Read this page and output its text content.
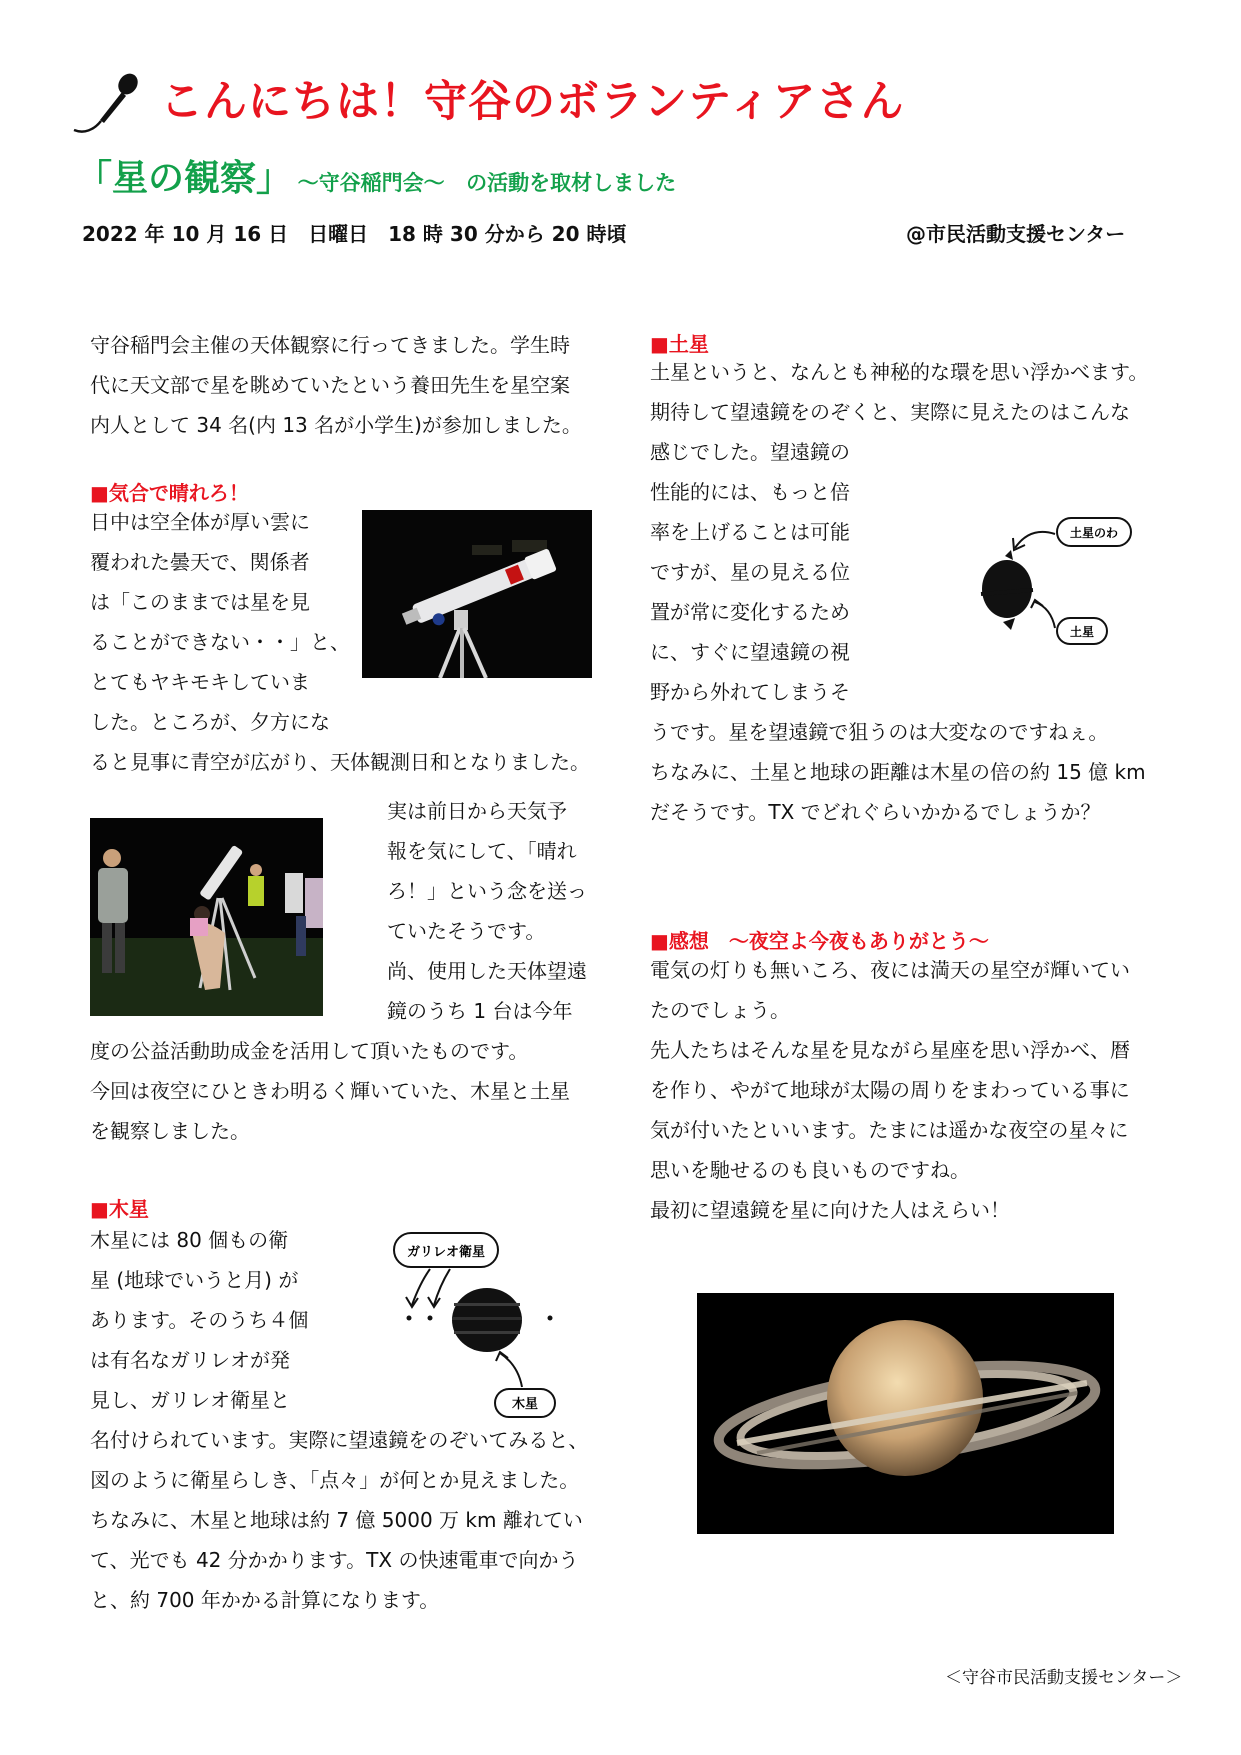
こんにちは！守谷のボランティアさん
「星の観察」 ～守谷稲門会～ の活動を取材しました
2022 年 10 月 16 日　日曜日　18 時 30 分から 20 時頃	@市民活動支援センター
守谷稲門会主催の天体観察に行ってきました。学生時
代に天文部で星を眺めていたという養田先生を星空案
内人として 34 名(内 13 名が小学生)が参加しました。
■気合で晴れろ！
日中は空全体が厚い雲に
覆われた曇天で、関係者
は「このままでは星を見
ることができない・・」と、
とてもヤキモキしていま
した。ところが、夕方にな
ると見事に青空が広がり、天体観測日和となりました。
実は前日から天気予
報を気にして、「晴れ
ろ！」という念を送っ
ていたそうです。
尚、使用した天体望遠
鏡のうち 1 台は今年
度の公益活動助成金を活用して頂いたものです。
今回は夜空にひときわ明るく輝いていた、木星と土星
を観察しました。
■木星
木星には 80 個もの衛
星 (地球でいうと月) が
あります。そのうち４個
は有名なガリレオが発
見し、ガリレオ衛星と
名付けられています。実際に望遠鏡をのぞいてみると、
図のように衛星らしき、「点々」が何とか見えました。
ちなみに、木星と地球は約 7 億 5000 万 km 離れてい
て、光でも 42 分かかります。TX の快速電車で向かう
と、約 700 年かかる計算になります。
ガリレオ衛星
木星
■土星
土星というと、なんとも神秘的な環を思い浮かべます。
期待して望遠鏡をのぞくと、実際に見えたのはこんな
感じでした。望遠鏡の
性能的には、もっと倍
率を上げることは可能
ですが、星の見える位
置が常に変化するため
に、すぐに望遠鏡の視
野から外れてしまうそ
うです。星を望遠鏡で狙うのは大変なのですねぇ。
ちなみに、土星と地球の距離は木星の倍の約 15 億 km
だそうです。TX でどれぐらいかかるでしょうか？
土星のわ
土星
■感想　～夜空よ今夜もありがとう～
電気の灯りも無いころ、夜には満天の星空が輝いてい
たのでしょう。
先人たちはそんな星を見ながら星座を思い浮かべ、暦
を作り、やがて地球が太陽の周りをまわっている事に
気が付いたといいます。たまには遥かな夜空の星々に
思いを馳せるのも良いものですね。
最初に望遠鏡を星に向けた人はえらい！
＜守谷市民活動支援センター＞
